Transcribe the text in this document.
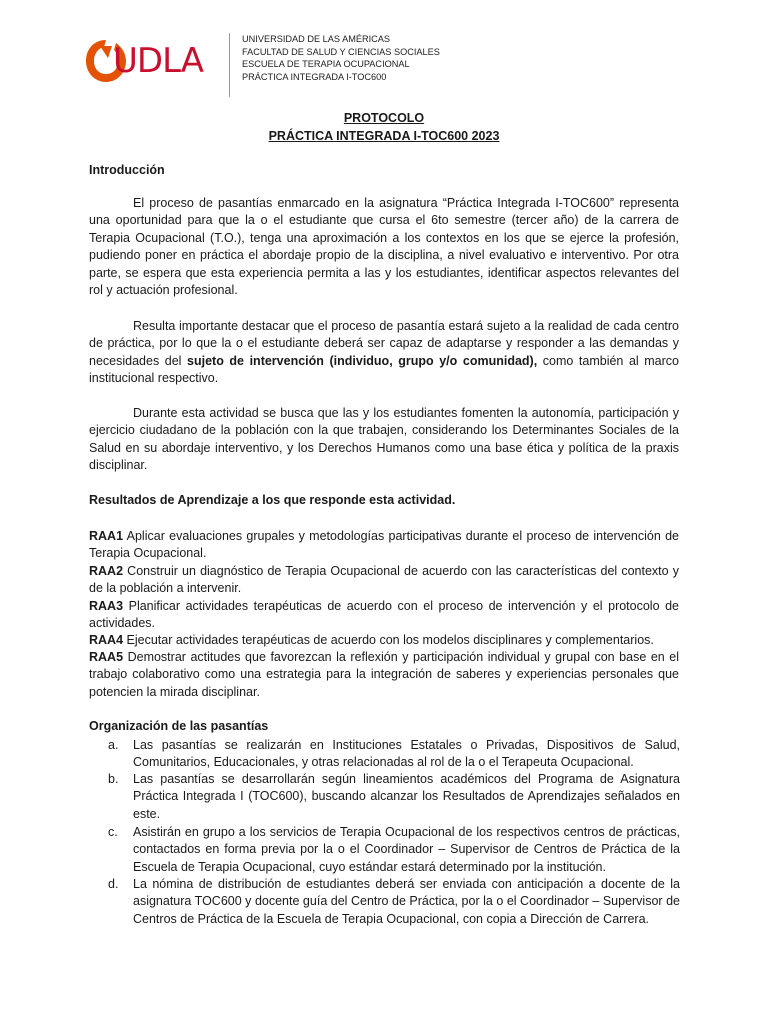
UDLA
UNIVERSIDAD DE LAS AMÉRICAS
FACULTAD DE SALUD Y CIENCIAS SOCIALES
ESCUELA DE TERAPIA OCUPACIONAL
PRÁCTICA INTEGRADA I-TOC600
PROTOCOLO
PRÁCTICA INTEGRADA I-TOC600 2023
Introducción
El proceso de pasantías enmarcado en la asignatura “Práctica Integrada I-TOC600” representa una oportunidad para que la o el estudiante que cursa el 6to semestre (tercer año) de la carrera de Terapia Ocupacional (T.O.), tenga una aproximación a los contextos en los que se ejerce la profesión, pudiendo poner en práctica el abordaje propio de la disciplina, a nivel evaluativo e interventivo. Por otra parte, se espera que esta experiencia permita a las y los estudiantes, identificar aspectos relevantes del rol y actuación profesional.
Resulta importante destacar que el proceso de pasantía estará sujeto a la realidad de cada centro de práctica, por lo que la o el estudiante deberá ser capaz de adaptarse y responder a las demandas y necesidades del sujeto de intervención (individuo, grupo y/o comunidad), como también al marco institucional respectivo.
Durante esta actividad se busca que las y los estudiantes fomenten la autonomía, participación y ejercicio ciudadano de la población con la que trabajen, considerando los Determinantes Sociales de la Salud en su abordaje interventivo, y los Derechos Humanos como una base ética y política de la praxis disciplinar.
Resultados de Aprendizaje a los que responde esta actividad.
RAA1 Aplicar evaluaciones grupales y metodologías participativas durante el proceso de intervención de Terapia Ocupacional.
RAA2 Construir un diagnóstico de Terapia Ocupacional de acuerdo con las características del contexto y de la población a intervenir.
RAA3 Planificar actividades terapéuticas de acuerdo con el proceso de intervención y el protocolo de actividades.
RAA4 Ejecutar actividades terapéuticas de acuerdo con los modelos disciplinares y complementarios.
RAA5 Demostrar actitudes que favorezcan la reflexión y participación individual y grupal con base en el trabajo colaborativo como una estrategia para la integración de saberes y experiencias personales que potencien la mirada disciplinar.
Organización de las pasantías
a. Las pasantías se realizarán en Instituciones Estatales o Privadas, Dispositivos de Salud, Comunitarios, Educacionales, y otras relacionadas al rol de la o el Terapeuta Ocupacional.
b. Las pasantías se desarrollarán según lineamientos académicos del Programa de Asignatura Práctica Integrada I (TOC600), buscando alcanzar los Resultados de Aprendizajes señalados en este.
c. Asistirán en grupo a los servicios de Terapia Ocupacional de los respectivos centros de prácticas, contactados en forma previa por la o el Coordinador – Supervisor de Centros de Práctica de la Escuela de Terapia Ocupacional, cuyo estándar estará determinado por la institución.
d. La nómina de distribución de estudiantes deberá ser enviada con anticipación a docente de la asignatura TOC600 y docente guía del Centro de Práctica, por la o el Coordinador – Supervisor de Centros de Práctica de la Escuela de Terapia Ocupacional, con copia a Dirección de Carrera.
